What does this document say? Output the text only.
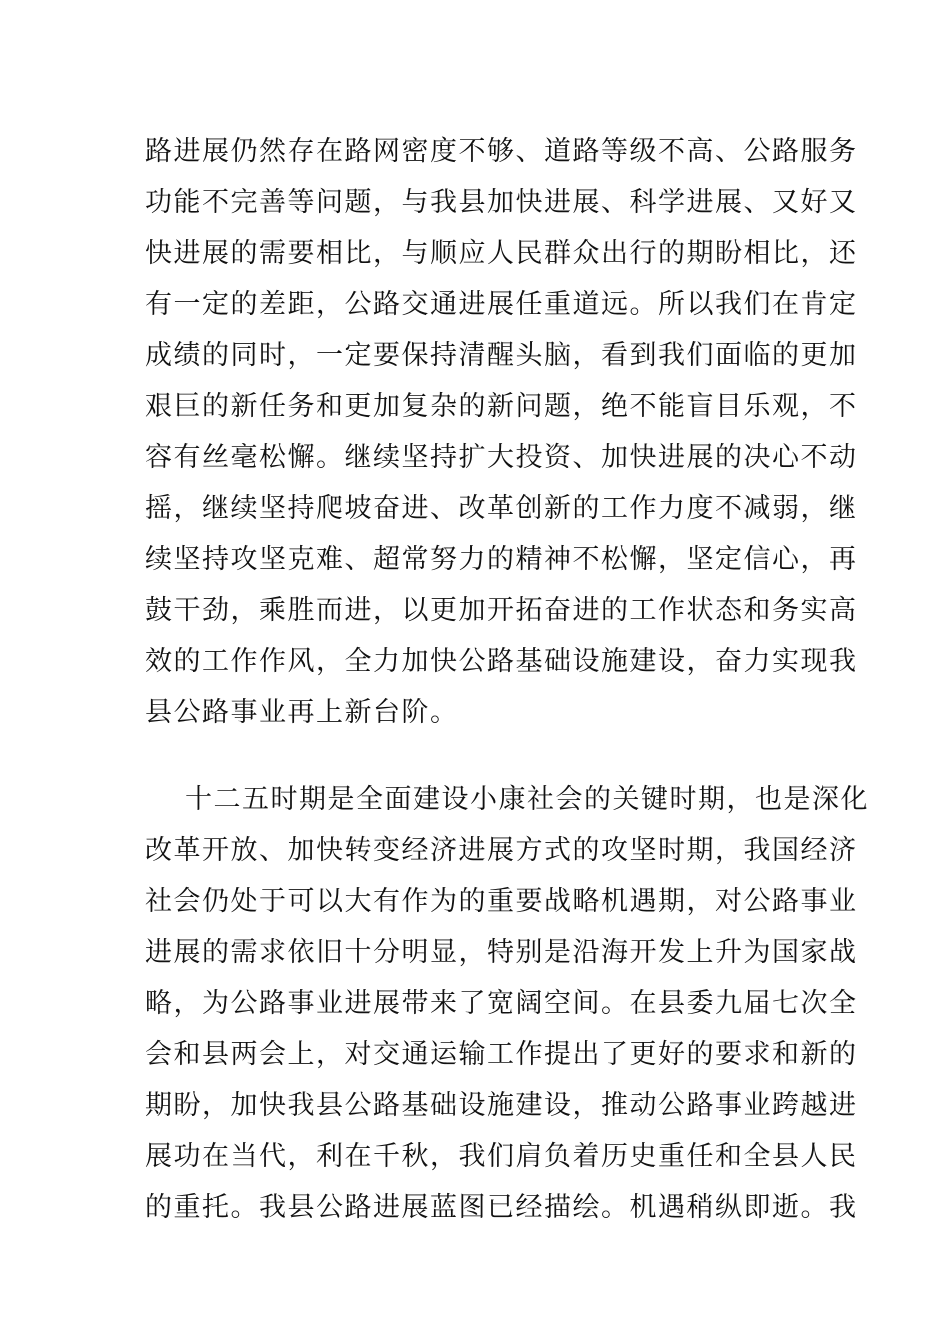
路进展仍然存在路网密度不够、道路等级不高、公路服务
功能不完善等问题，与我县加快进展、科学进展、又好又
快进展的需要相比，与顺应人民群众出行的期盼相比，还
有一定的差距，公路交通进展任重道远。所以我们在肯定
成绩的同时，一定要保持清醒头脑，看到我们面临的更加
艰巨的新任务和更加复杂的新问题，绝不能盲目乐观，不
容有丝毫松懈。继续坚持扩大投资、加快进展的决心不动
摇，继续坚持爬坡奋进、改革创新的工作力度不减弱，继
续坚持攻坚克难、超常努力的精神不松懈，坚定信心，再
鼓干劲，乘胜而进，以更加开拓奋进的工作状态和务实高
效的工作作风，全力加快公路基础设施建设，奋力实现我
县公路事业再上新台阶。
十二五时期是全面建设小康社会的关键时期，也是深化
改革开放、加快转变经济进展方式的攻坚时期，我国经济
社会仍处于可以大有作为的重要战略机遇期，对公路事业
进展的需求依旧十分明显，特别是沿海开发上升为国家战
略，为公路事业进展带来了宽阔空间。在县委九届七次全
会和县两会上，对交通运输工作提出了更好的要求和新的
期盼，加快我县公路基础设施建设，推动公路事业跨越进
展功在当代，利在千秋，我们肩负着历史重任和全县人民
的重托。我县公路进展蓝图已经描绘。机遇稍纵即逝。我
